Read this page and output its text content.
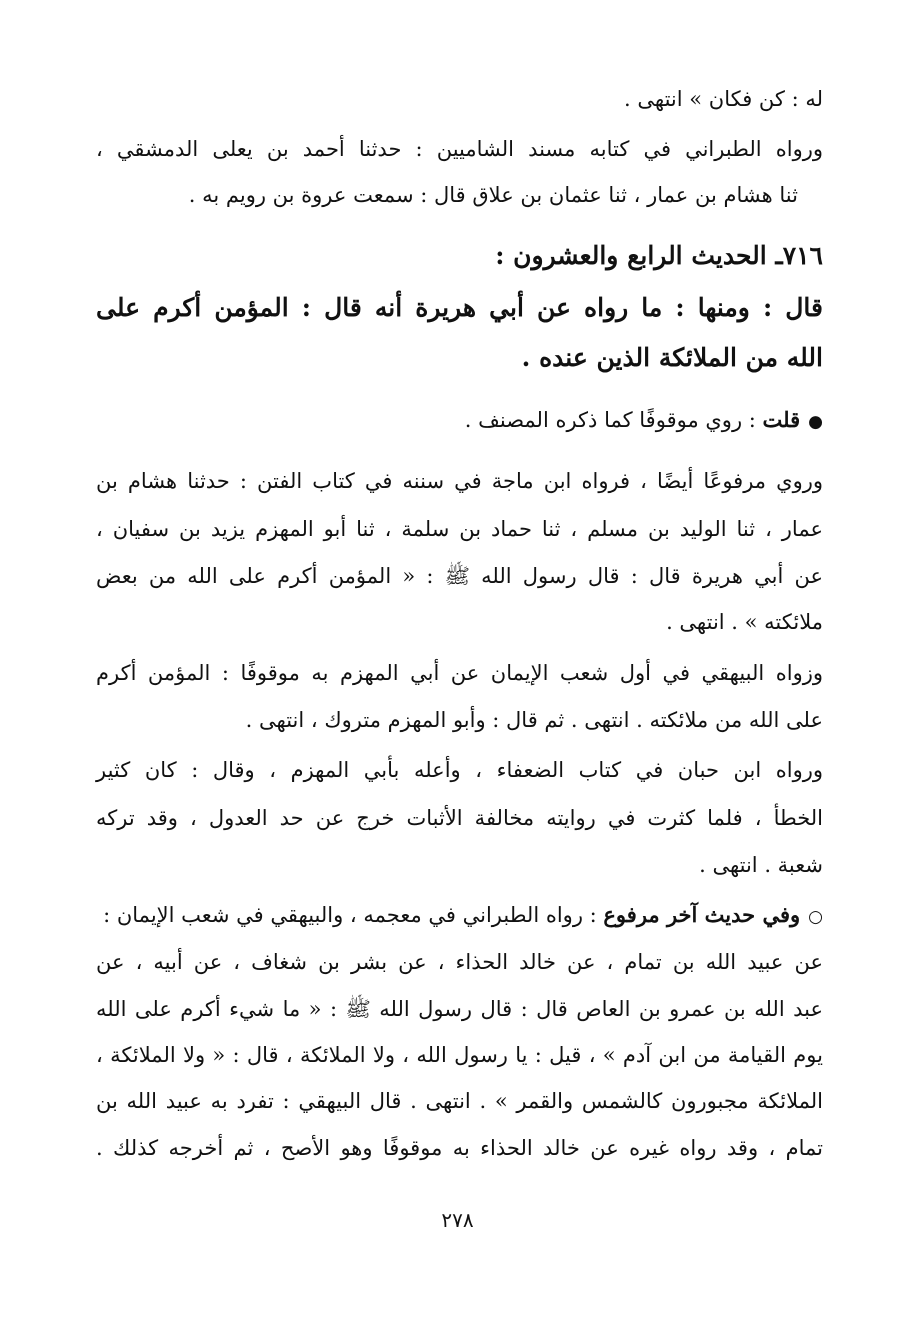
له : كن فكان » انتهى .
ورواه الطبراني في كتابه مسند الشاميين : حدثنا أحمد بن يعلى الدمشقي ،
ثنا هشام بن عمار ، ثنا عثمان بن علاق قال : سمعت عروة بن رويم به .
٧١٦ـ الحديث الرابع والعشرون :
قال : ومنها : ما رواه عن أبي هريرة أنه قال : المؤمن أكرم على
الله من الملائكة الذين عنده .
●قلت : روي موقوفًا كما ذكره المصنف .
وروي مرفوعًا أيضًا ، فرواه ابن ماجة في سننه في كتاب الفتن : حدثنا هشام بن
عمار ، ثنا الوليد بن مسلم ، ثنا حماد بن سلمة ، ثنا أبو المهزم يزيد بن سفيان ،
عن أبي هريرة قال : قال رسول الله ﷺ : « المؤمن أكرم على الله من بعض
ملائكته » . انتهى .
وزواه البيهقي في أول شعب الإيمان عن أبي المهزم به موقوفًا : المؤمن أكرم
على الله من ملائكته . انتهى . ثم قال : وأبو المهزم متروك ، انتهى .
ورواه ابن حبان في كتاب الضعفاء ، وأعله بأبي المهزم ، وقال : كان كثير
الخطأ ، فلما كثرت في روايته مخالفة الأثبات خرج عن حد العدول ، وقد تركه
شعبة . انتهى .
○وفي حديث آخر مرفوع : رواه الطبراني في معجمه ، والبيهقي في شعب الإيمان :
عن عبيد الله بن تمام ، عن خالد الحذاء ، عن بشر بن شغاف ، عن أبيه ، عن
عبد الله بن عمرو بن العاص قال : قال رسول الله ﷺ : « ما شيء أكرم على الله
يوم القيامة من ابن آدم » ، قيل : يا رسول الله ، ولا الملائكة ، قال : « ولا الملائكة ،
الملائكة مجبورون كالشمس والقمر » . انتهى . قال البيهقي : تفرد به عبيد الله بن
تمام ، وقد رواه غيره عن خالد الحذاء به موقوفًا وهو الأصح ، ثم أخرجه كذلك .
٢٧٨
